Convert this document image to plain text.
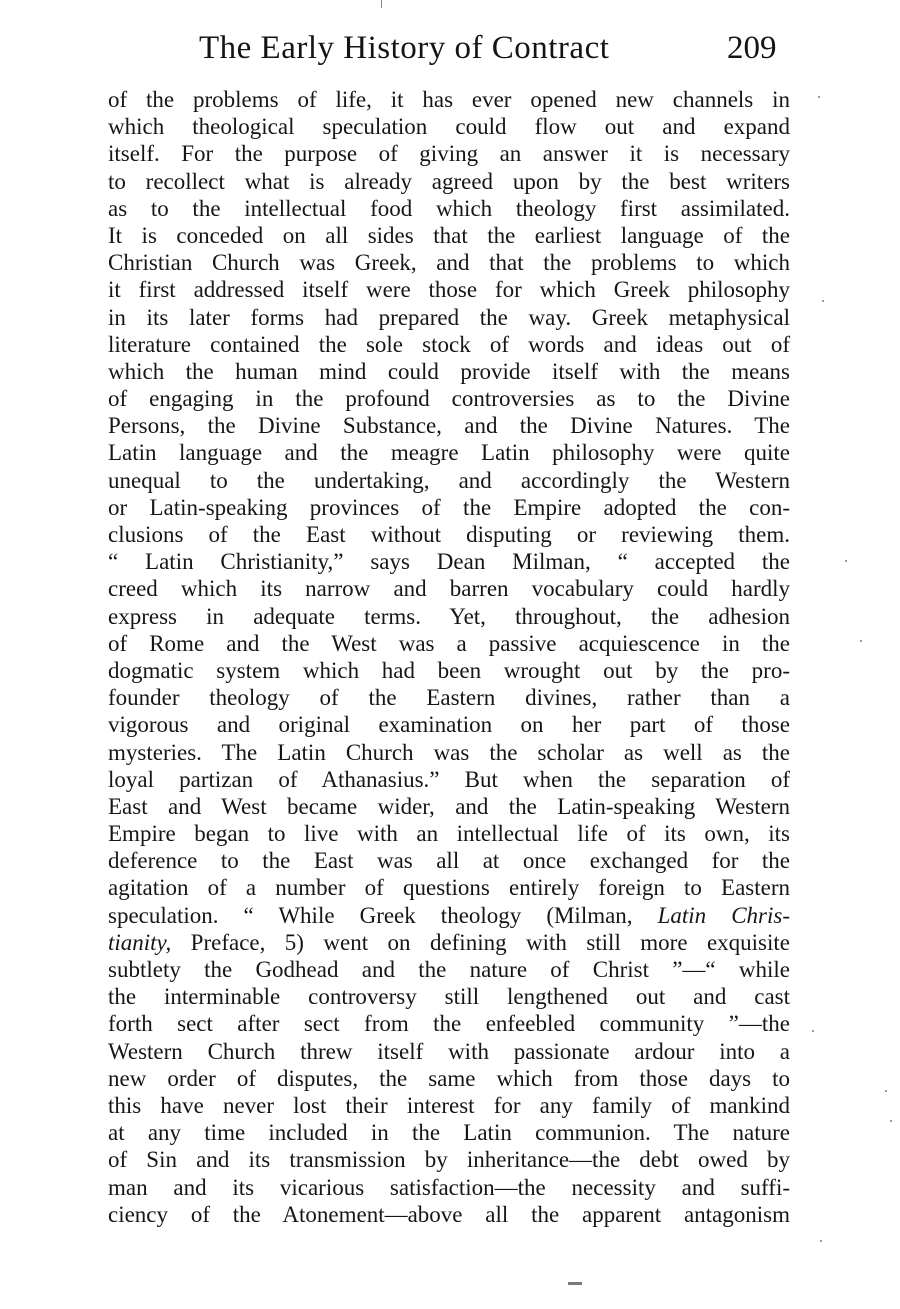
The Early History of Contract	209
of the problems of life, it has ever opened new channels in
which theological speculation could flow out and expand
itself. For the purpose of giving an answer it is necessary
to recollect what is already agreed upon by the best writers
as to the intellectual food which theology first assimilated.
It is conceded on all sides that the earliest language of the
Christian Church was Greek, and that the problems to which
it first addressed itself were those for which Greek philosophy
in its later forms had prepared the way. Greek metaphysical
literature contained the sole stock of words and ideas out of
which the human mind could provide itself with the means
of engaging in the profound controversies as to the Divine
Persons, the Divine Substance, and the Divine Natures. The
Latin language and the meagre Latin philosophy were quite
unequal to the undertaking, and accordingly the Western
or Latin-speaking provinces of the Empire adopted the con-
clusions of the East without disputing or reviewing them.
“ Latin Christianity,” says Dean Milman, “ accepted the
creed which its narrow and barren vocabulary could hardly
express in adequate terms. Yet, throughout, the adhesion
of Rome and the West was a passive acquiescence in the
dogmatic system which had been wrought out by the pro-
founder theology of the Eastern divines, rather than a
vigorous and original examination on her part of those
mysteries. The Latin Church was the scholar as well as the
loyal partizan of Athanasius.” But when the separation of
East and West became wider, and the Latin-speaking Western
Empire began to live with an intellectual life of its own, its
deference to the East was all at once exchanged for the
agitation of a number of questions entirely foreign to Eastern
speculation. “ While Greek theology (Milman, Latin Chris-
tianity, Preface, 5) went on defining with still more exquisite
subtlety the Godhead and the nature of Christ ”—“ while
the interminable controversy still lengthened out and cast
forth sect after sect from the enfeebled community ”—the
Western Church threw itself with passionate ardour into a
new order of disputes, the same which from those days to
this have never lost their interest for any family of mankind
at any time included in the Latin communion. The nature
of Sin and its transmission by inheritance—the debt owed by
man and its vicarious satisfaction—the necessity and suffi-
ciency of the Atonement—above all the apparent antagonism
